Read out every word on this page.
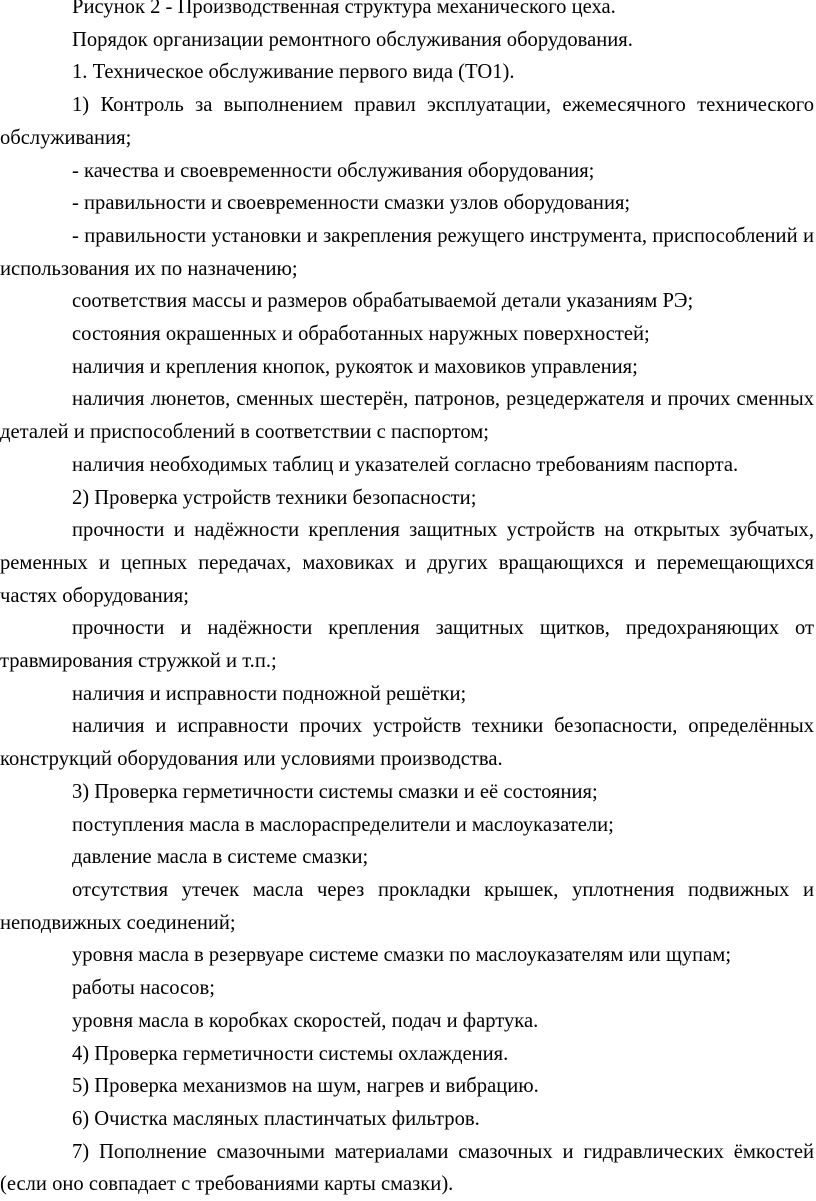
Рисунок 2 - Производственная структура механического цеха.

Порядок организации ремонтного обслуживания оборудования.

1. Техническое обслуживание первого вида (ТО1).

1) Контроль за выполнением правил эксплуатации, ежемесячного технического обслуживания;

- качества и своевременности обслуживания оборудования;

- правильности и своевременности смазки узлов оборудования;

- правильности установки и закрепления режущего инструмента, приспособлений и использования их по назначению;

соответствия массы и размеров обрабатываемой детали указаниям РЭ;

состояния окрашенных и обработанных наружных поверхностей;

наличия и крепления кнопок, рукояток и маховиков управления;

наличия люнетов, сменных шестерён, патронов, резцедержателя и прочих сменных деталей и приспособлений в соответствии с паспортом;

наличия необходимых таблиц и указателей согласно требованиям паспорта.

2) Проверка устройств техники безопасности;

прочности и надёжности крепления защитных устройств на открытых зубчатых, ременных и цепных передачах, маховиках и других вращающихся и перемещающихся частях оборудования;

прочности и надёжности крепления защитных щитков, предохраняющих от травмирования стружкой и т.п.;

наличия и исправности подножной решётки;

наличия и исправности прочих устройств техники безопасности, определённых конструкций оборудования или условиями производства.

3) Проверка герметичности системы смазки и её состояния;

поступления масла в маслораспределители и маслоуказатели;

давление масла в системе смазки;

отсутствия утечек масла через прокладки крышек, уплотнения подвижных и неподвижных соединений;

уровня масла в резервуаре системе смазки по маслоуказателям или щупам;

работы насосов;

уровня масла в коробках скоростей, подач и фартука.

4) Проверка герметичности системы охлаждения.

5) Проверка механизмов на шум, нагрев и вибрацию.

6) Очистка масляных пластинчатых фильтров.

7) Пополнение смазочными материалами смазочных и гидравлических ёмкостей (если оно совпадает с требованиями карты смазки).
